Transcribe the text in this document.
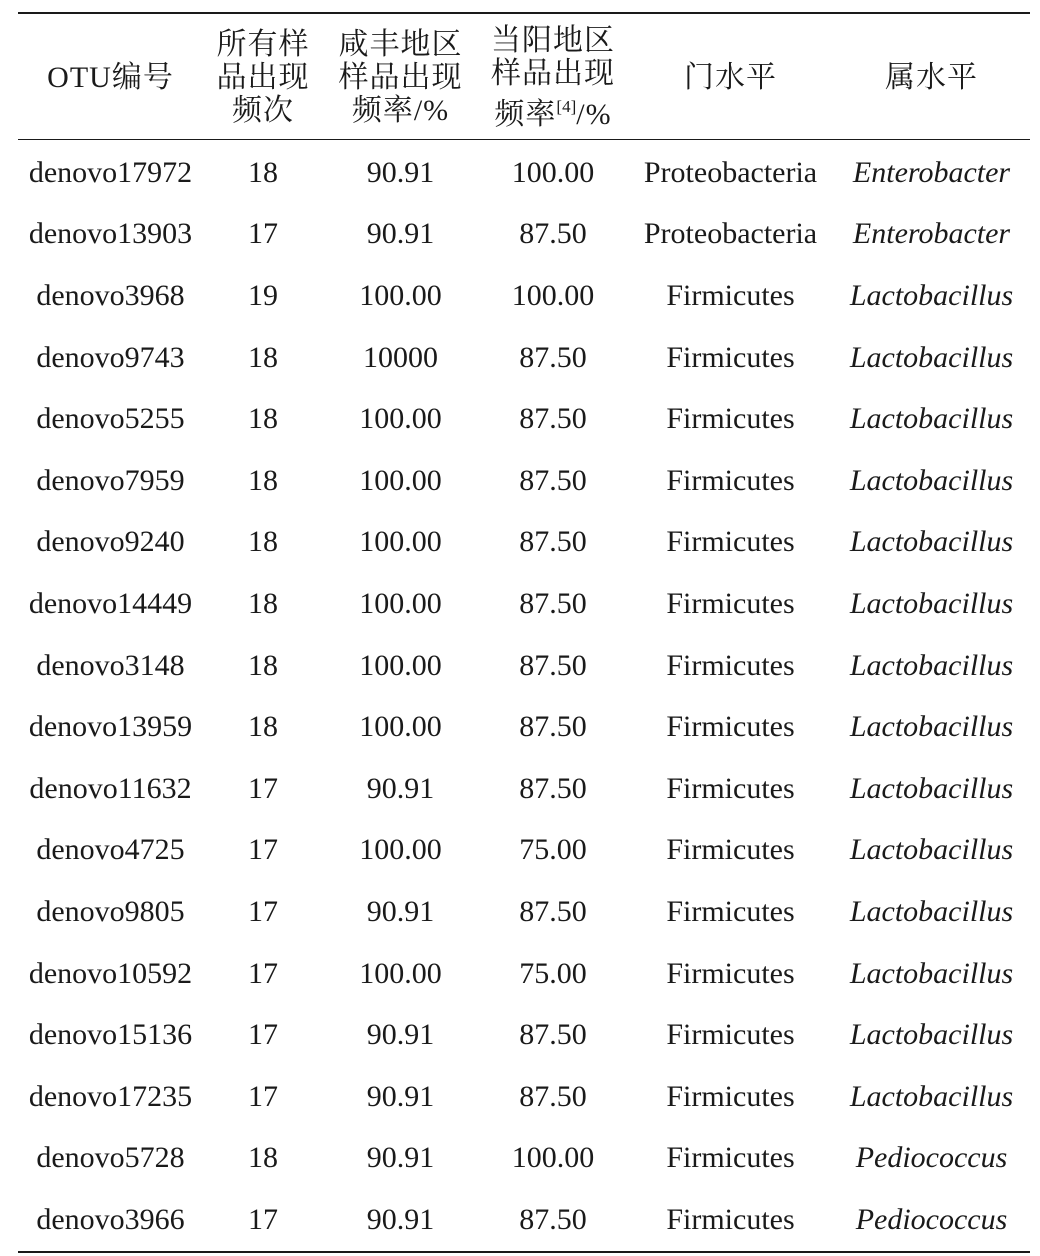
OTU编号	所有样
品出现
频次	咸丰地区
样品出现
频率/%	当阳地区
样品出现
频率[4]/%	门水平	属水平
denovo17972	18	90.91	100.00	Proteobacteria	Enterobacter
denovo13903	17	90.91	87.50	Proteobacteria	Enterobacter
denovo3968	19	100.00	100.00	Firmicutes	Lactobacillus
denovo9743	18	10000	87.50	Firmicutes	Lactobacillus
denovo5255	18	100.00	87.50	Firmicutes	Lactobacillus
denovo7959	18	100.00	87.50	Firmicutes	Lactobacillus
denovo9240	18	100.00	87.50	Firmicutes	Lactobacillus
denovo14449	18	100.00	87.50	Firmicutes	Lactobacillus
denovo3148	18	100.00	87.50	Firmicutes	Lactobacillus
denovo13959	18	100.00	87.50	Firmicutes	Lactobacillus
denovo11632	17	90.91	87.50	Firmicutes	Lactobacillus
denovo4725	17	100.00	75.00	Firmicutes	Lactobacillus
denovo9805	17	90.91	87.50	Firmicutes	Lactobacillus
denovo10592	17	100.00	75.00	Firmicutes	Lactobacillus
denovo15136	17	90.91	87.50	Firmicutes	Lactobacillus
denovo17235	17	90.91	87.50	Firmicutes	Lactobacillus
denovo5728	18	90.91	100.00	Firmicutes	Pediococcus
denovo3966	17	90.91	87.50	Firmicutes	Pediococcus
